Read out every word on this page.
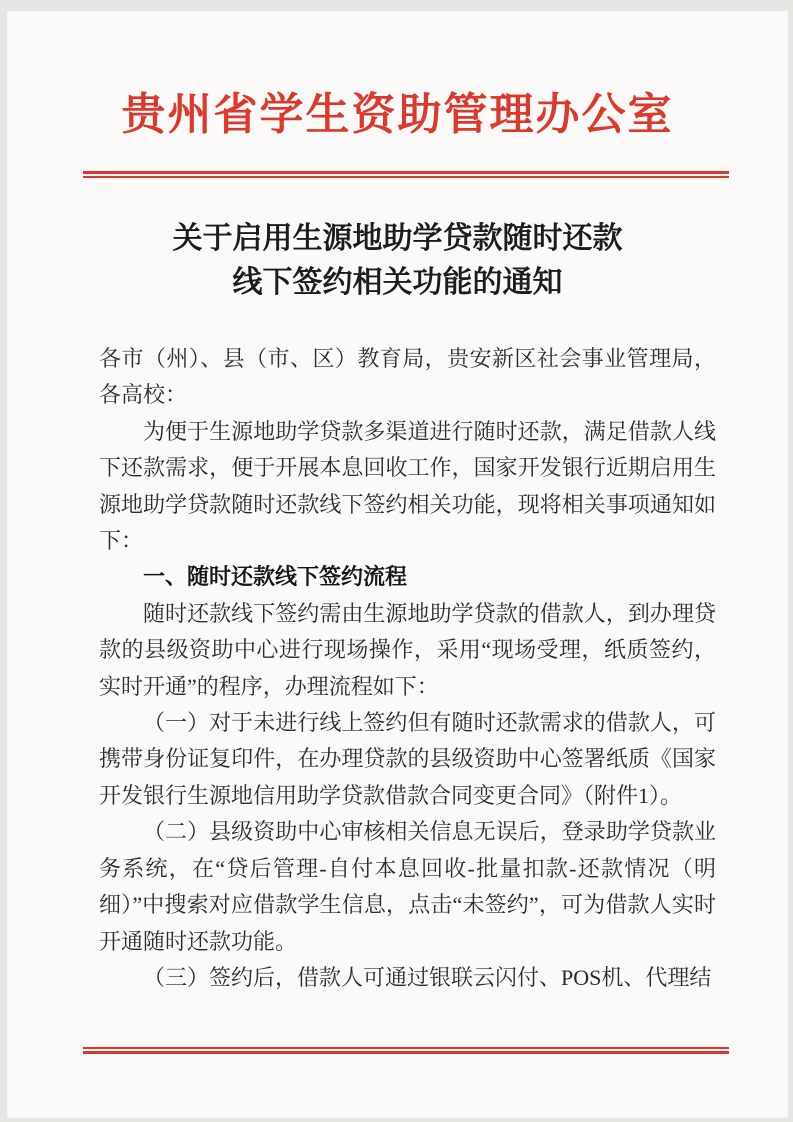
贵州省学生资助管理办公室
关于启用生源地助学贷款随时还款
线下签约相关功能的通知

各市（州）、县（市、区）教育局，贵安新区社会事业管理局，各高校：

为便于生源地助学贷款多渠道进行随时还款，满足借款人线下还款需求，便于开展本息回收工作，国家开发银行近期启用生源地助学贷款随时还款线下签约相关功能，现将相关事项通知如下：

一、随时还款线下签约流程

随时还款线下签约需由生源地助学贷款的借款人，到办理贷款的县级资助中心进行现场操作，采用“现场受理，纸质签约，实时开通”的程序，办理流程如下：

（一）对于未进行线上签约但有随时还款需求的借款人，可携带身份证复印件，在办理贷款的县级资助中心签署纸质《国家开发银行生源地信用助学贷款借款合同变更合同》（附件1）。

（二）县级资助中心审核相关信息无误后，登录助学贷款业务系统，在“贷后管理-自付本息回收-批量扣款-还款情况（明细）”中搜索对应借款学生信息，点击“未签约”，可为借款人实时开通随时还款功能。

（三）签约后，借款人可通过银联云闪付、POS机、代理结
